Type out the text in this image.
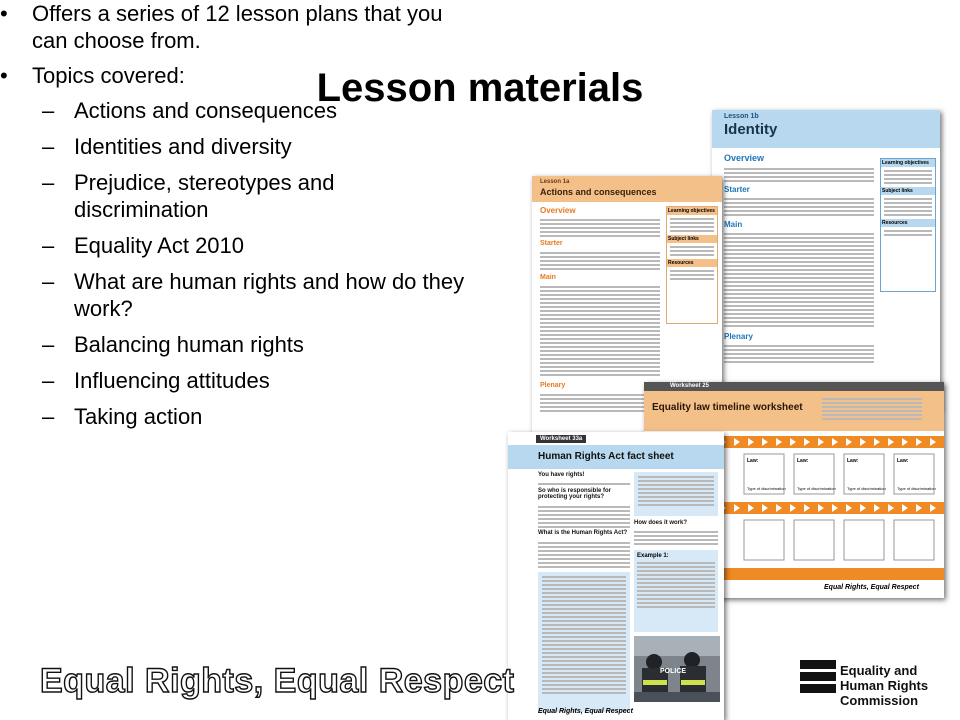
Lesson materials
• Offers a series of 12 lesson plans that you can choose from.
• Topics covered:
– Actions and consequences
– Identities and diversity
– Prejudice, stereotypes and discrimination
– Equality Act 2010
– What are human rights and how do they work?
– Balancing human rights
– Influencing attitudes
– Taking action
Lesson 1b
Identity
Overview
Starter
Main
Plenary
Learning objectives
Subject links
Resources
Lesson 1a
Actions and consequences
Overview
Starter
Main
Plenary
Learning objectives
Subject links
Resources
Worksheet 25
Equality law timeline worksheet
Law:	Law:	Law:	Law:
Type of discrimination	Type of discrimination	Type of discrimination	Type of discrimination
Equal Rights, Equal Respect
Worksheet 33a
Human Rights Act fact sheet
You have rights!
So who is responsible for protecting your rights?
What is the Human Rights Act?
How does it work?
Example 1:
POLICE
Equal Rights, Equal Respect
Equal Rights, Equal Respect	Equality and
Human Rights
Commission
